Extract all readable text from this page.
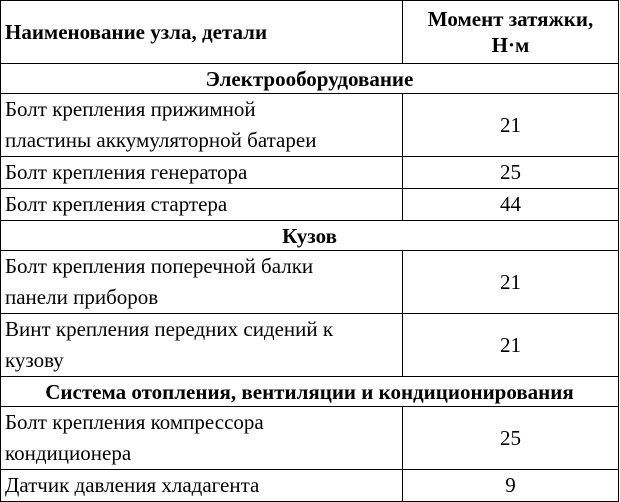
Наименование узла, детали	Момент затяжки,
Н·м
Электрооборудование	
Болт крепления прижимной
пластины аккумуляторной батареи	21
Болт крепления генератора	25
Болт крепления стартера	44
Кузов	
Болт крепления поперечной балки
панели приборов	21
Винт крепления передних сидений к
кузову	21
Система отопления, вентиляции и кондиционирования	
Болт крепления компрессора
кондиционера	25
Датчик давления хладагента	9
